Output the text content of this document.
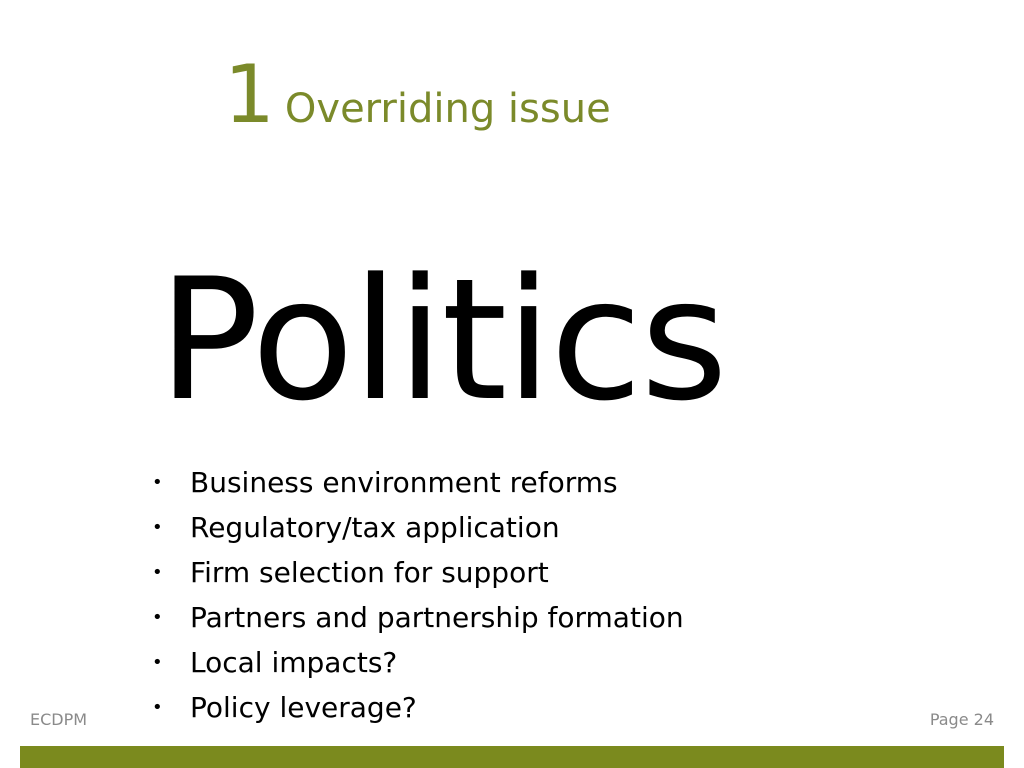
1 Overriding issue
Politics
• Business environment reforms
• Regulatory/tax application
• Firm selection for support
• Partners and partnership formation
• Local impacts?
• Policy leverage?
ECDPM	Page 24
